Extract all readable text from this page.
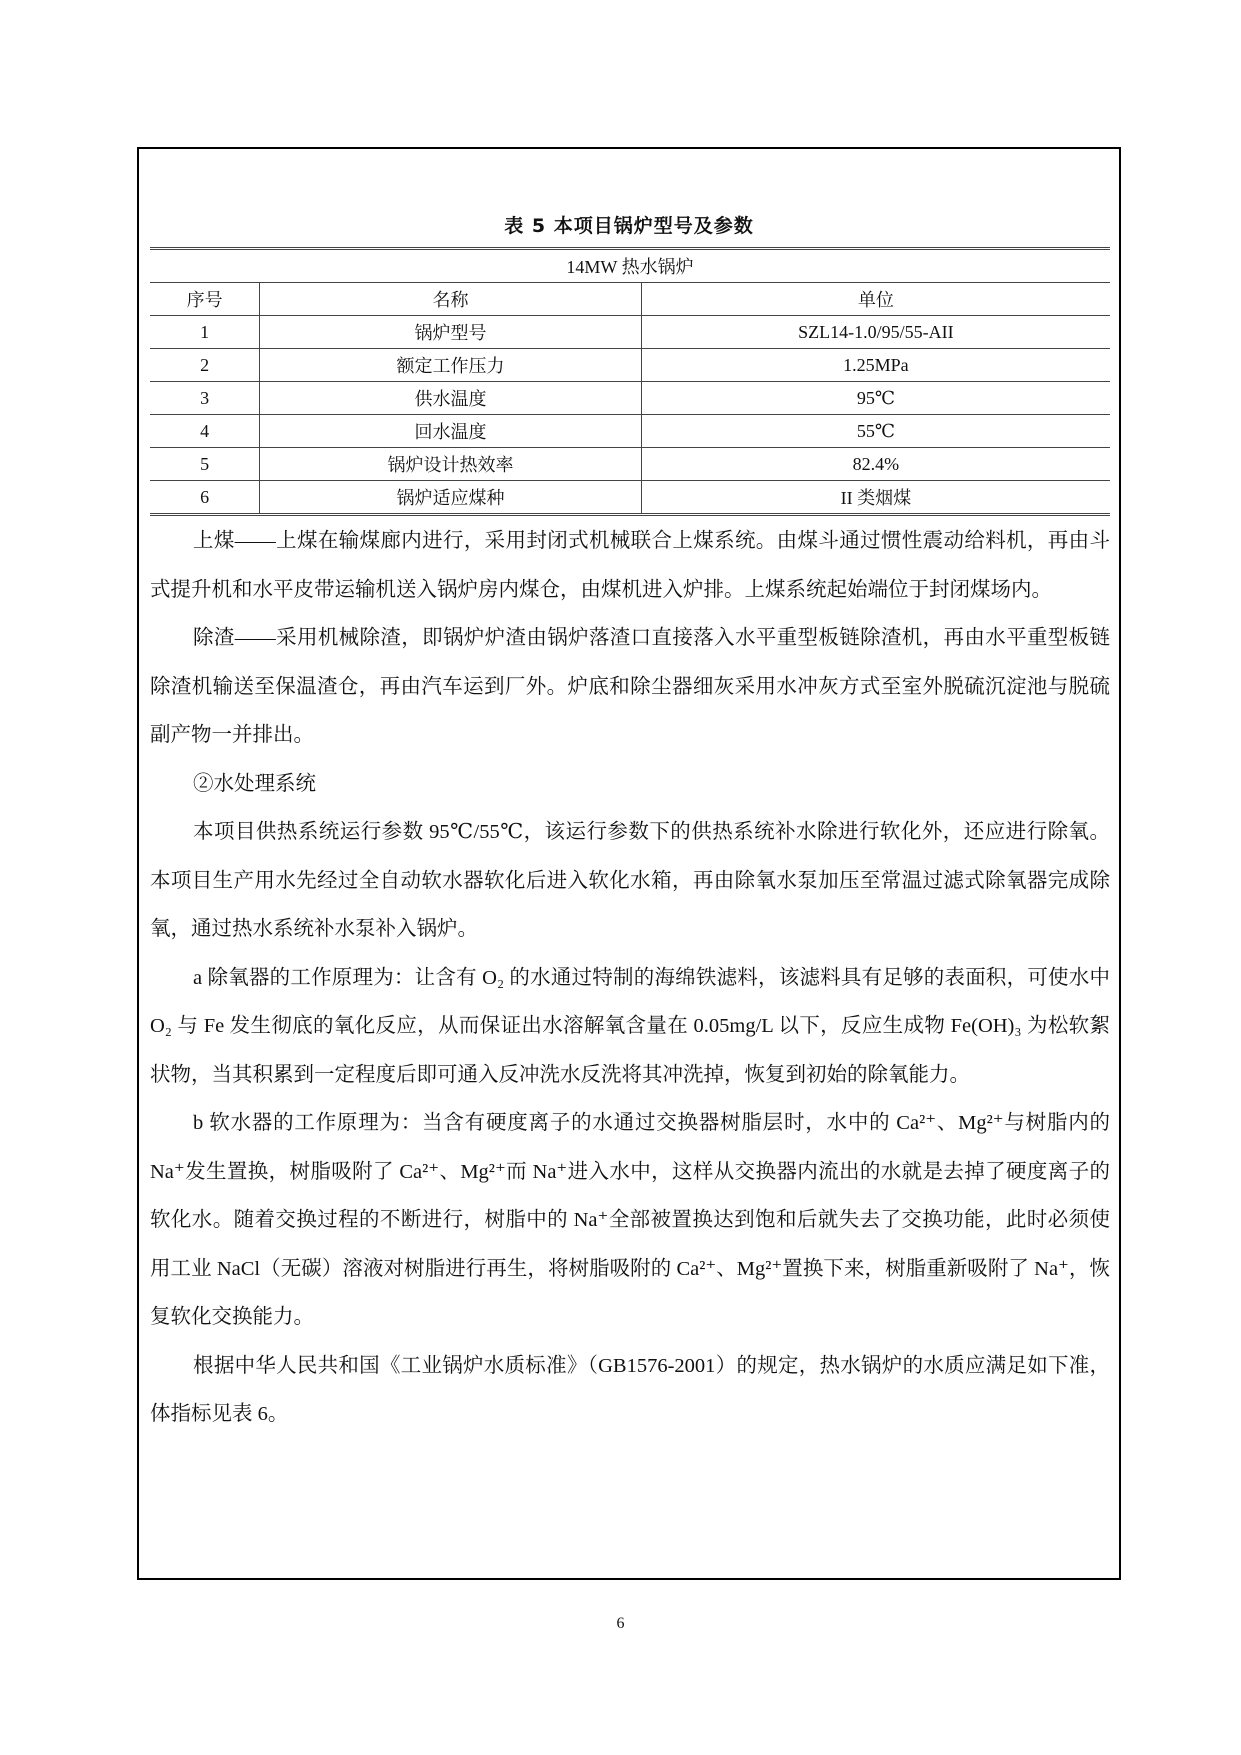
表 5 本项目锅炉型号及参数
14MW 热水锅炉		
序号	名称	单位
1	锅炉型号	SZL14-1.0/95/55-AII
2	额定工作压力	1.25MPa
3	供水温度	95℃
4	回水温度	55℃
5	锅炉设计热效率	82.4%
6	锅炉适应煤种	II 类烟煤

上煤——上煤在输煤廊内进行，采用封闭式机械联合上煤系统。由煤斗通过惯性震动给料机，再由斗式提升机和水平皮带运输机送入锅炉房内煤仓，由煤机进入炉排。上煤系统起始端位于封闭煤场内。

除渣——采用机械除渣，即锅炉炉渣由锅炉落渣口直接落入水平重型板链除渣机，再由水平重型板链除渣机输送至保温渣仓，再由汽车运到厂外。炉底和除尘器细灰采用水冲灰方式至室外脱硫沉淀池与脱硫副产物一并排出。

②水处理系统

本项目供热系统运行参数 95℃/55℃，该运行参数下的供热系统补水除进行软化外，还应进行除氧。本项目生产用水先经过全自动软水器软化后进入软化水箱，再由除氧水泵加压至常温过滤式除氧器完成除氧，通过热水系统补水泵补入锅炉。

a 除氧器的工作原理为：让含有 O₂ 的水通过特制的海绵铁滤料，该滤料具有足够的表面积，可使水中 O₂ 与 Fe 发生彻底的氧化反应，从而保证出水溶解氧含量在 0.05mg/L 以下，反应生成物 Fe(OH)₃ 为松软絮状物，当其积累到一定程度后即可通入反冲洗水反洗将其冲洗掉，恢复到初始的除氧能力。

b 软水器的工作原理为：当含有硬度离子的水通过交换器树脂层时，水中的 Ca²⁺、Mg²⁺与树脂内的 Na⁺发生置换，树脂吸附了 Ca²⁺、Mg²⁺而 Na⁺进入水中，这样从交换器内流出的水就是去掉了硬度离子的软化水。随着交换过程的不断进行，树脂中的 Na⁺全部被置换达到饱和后就失去了交换功能，此时必须使用工业 NaCl（无碳）溶液对树脂进行再生，将树脂吸附的 Ca²⁺、Mg²⁺置换下来，树脂重新吸附了 Na⁺，恢复软化交换能力。

根据中华人民共和国《工业锅炉水质标准》（GB1576-2001）的规定，热水锅炉的水质应满足如下准，体指标见表 6。

6
